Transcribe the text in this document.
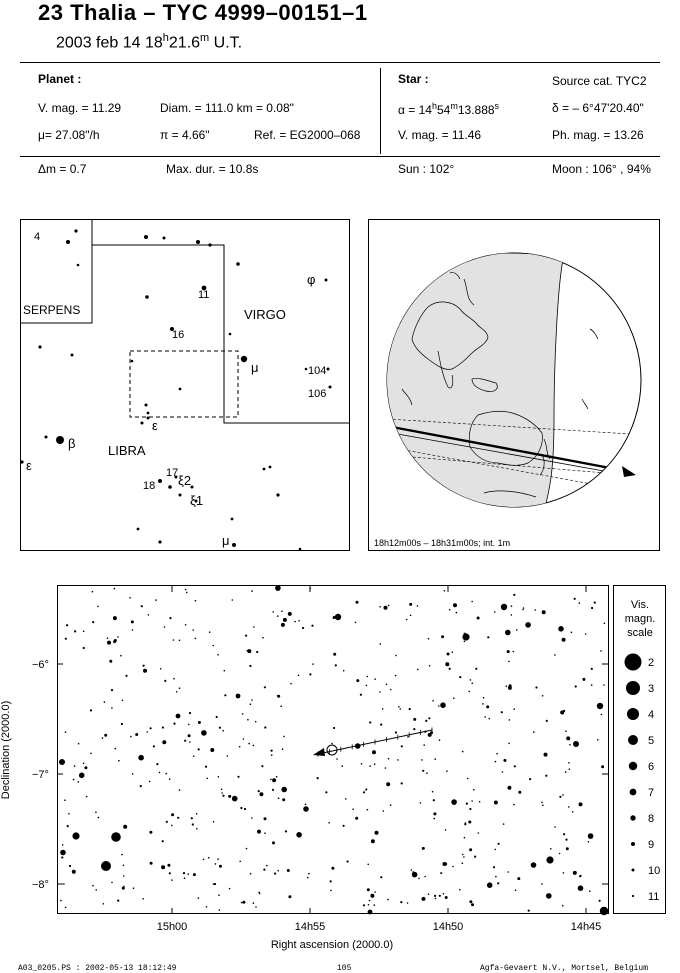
23 Thalia – TYC 4999–00151–1
2003 feb 14 18$^h$21.6$^m$ U.T.
Planet :
V. mag. = 11.29	Diam. = 111.0 km = 0.08"
μ= 27.08"/h	π = 4.66"	Ref. = EG2000–068
Star :	Source cat. TYC2
$\alpha = 14^h54^m13.888^s$	δ = – 6°47'20.40"
V. mag. = 11.46	Ph. mag. = 13.26
Δm = 0.7	Max. dur. = 10.8s	Sun : 102°	Moon : 106° , 94%
4
11
16
φ
μ	104
106
ε
β
ε	17
18 ξ2
ξ1
μ
SERPENS	VIRGO
LIBRA
18h12m00s – 18h31m00s; int. 1m
−6°
−7°
−8°
15h00	14h55	14h50	14h45
Right ascension (2000.0)
Declination (2000.0)
Vis.
magn.
scale
2
3
4
5
6
7
8
9
10
11
A03_0205.PS : 2002-05-13 18:12:49	105	Agfa-Gevaert N.V., Mortsel, Belgium
